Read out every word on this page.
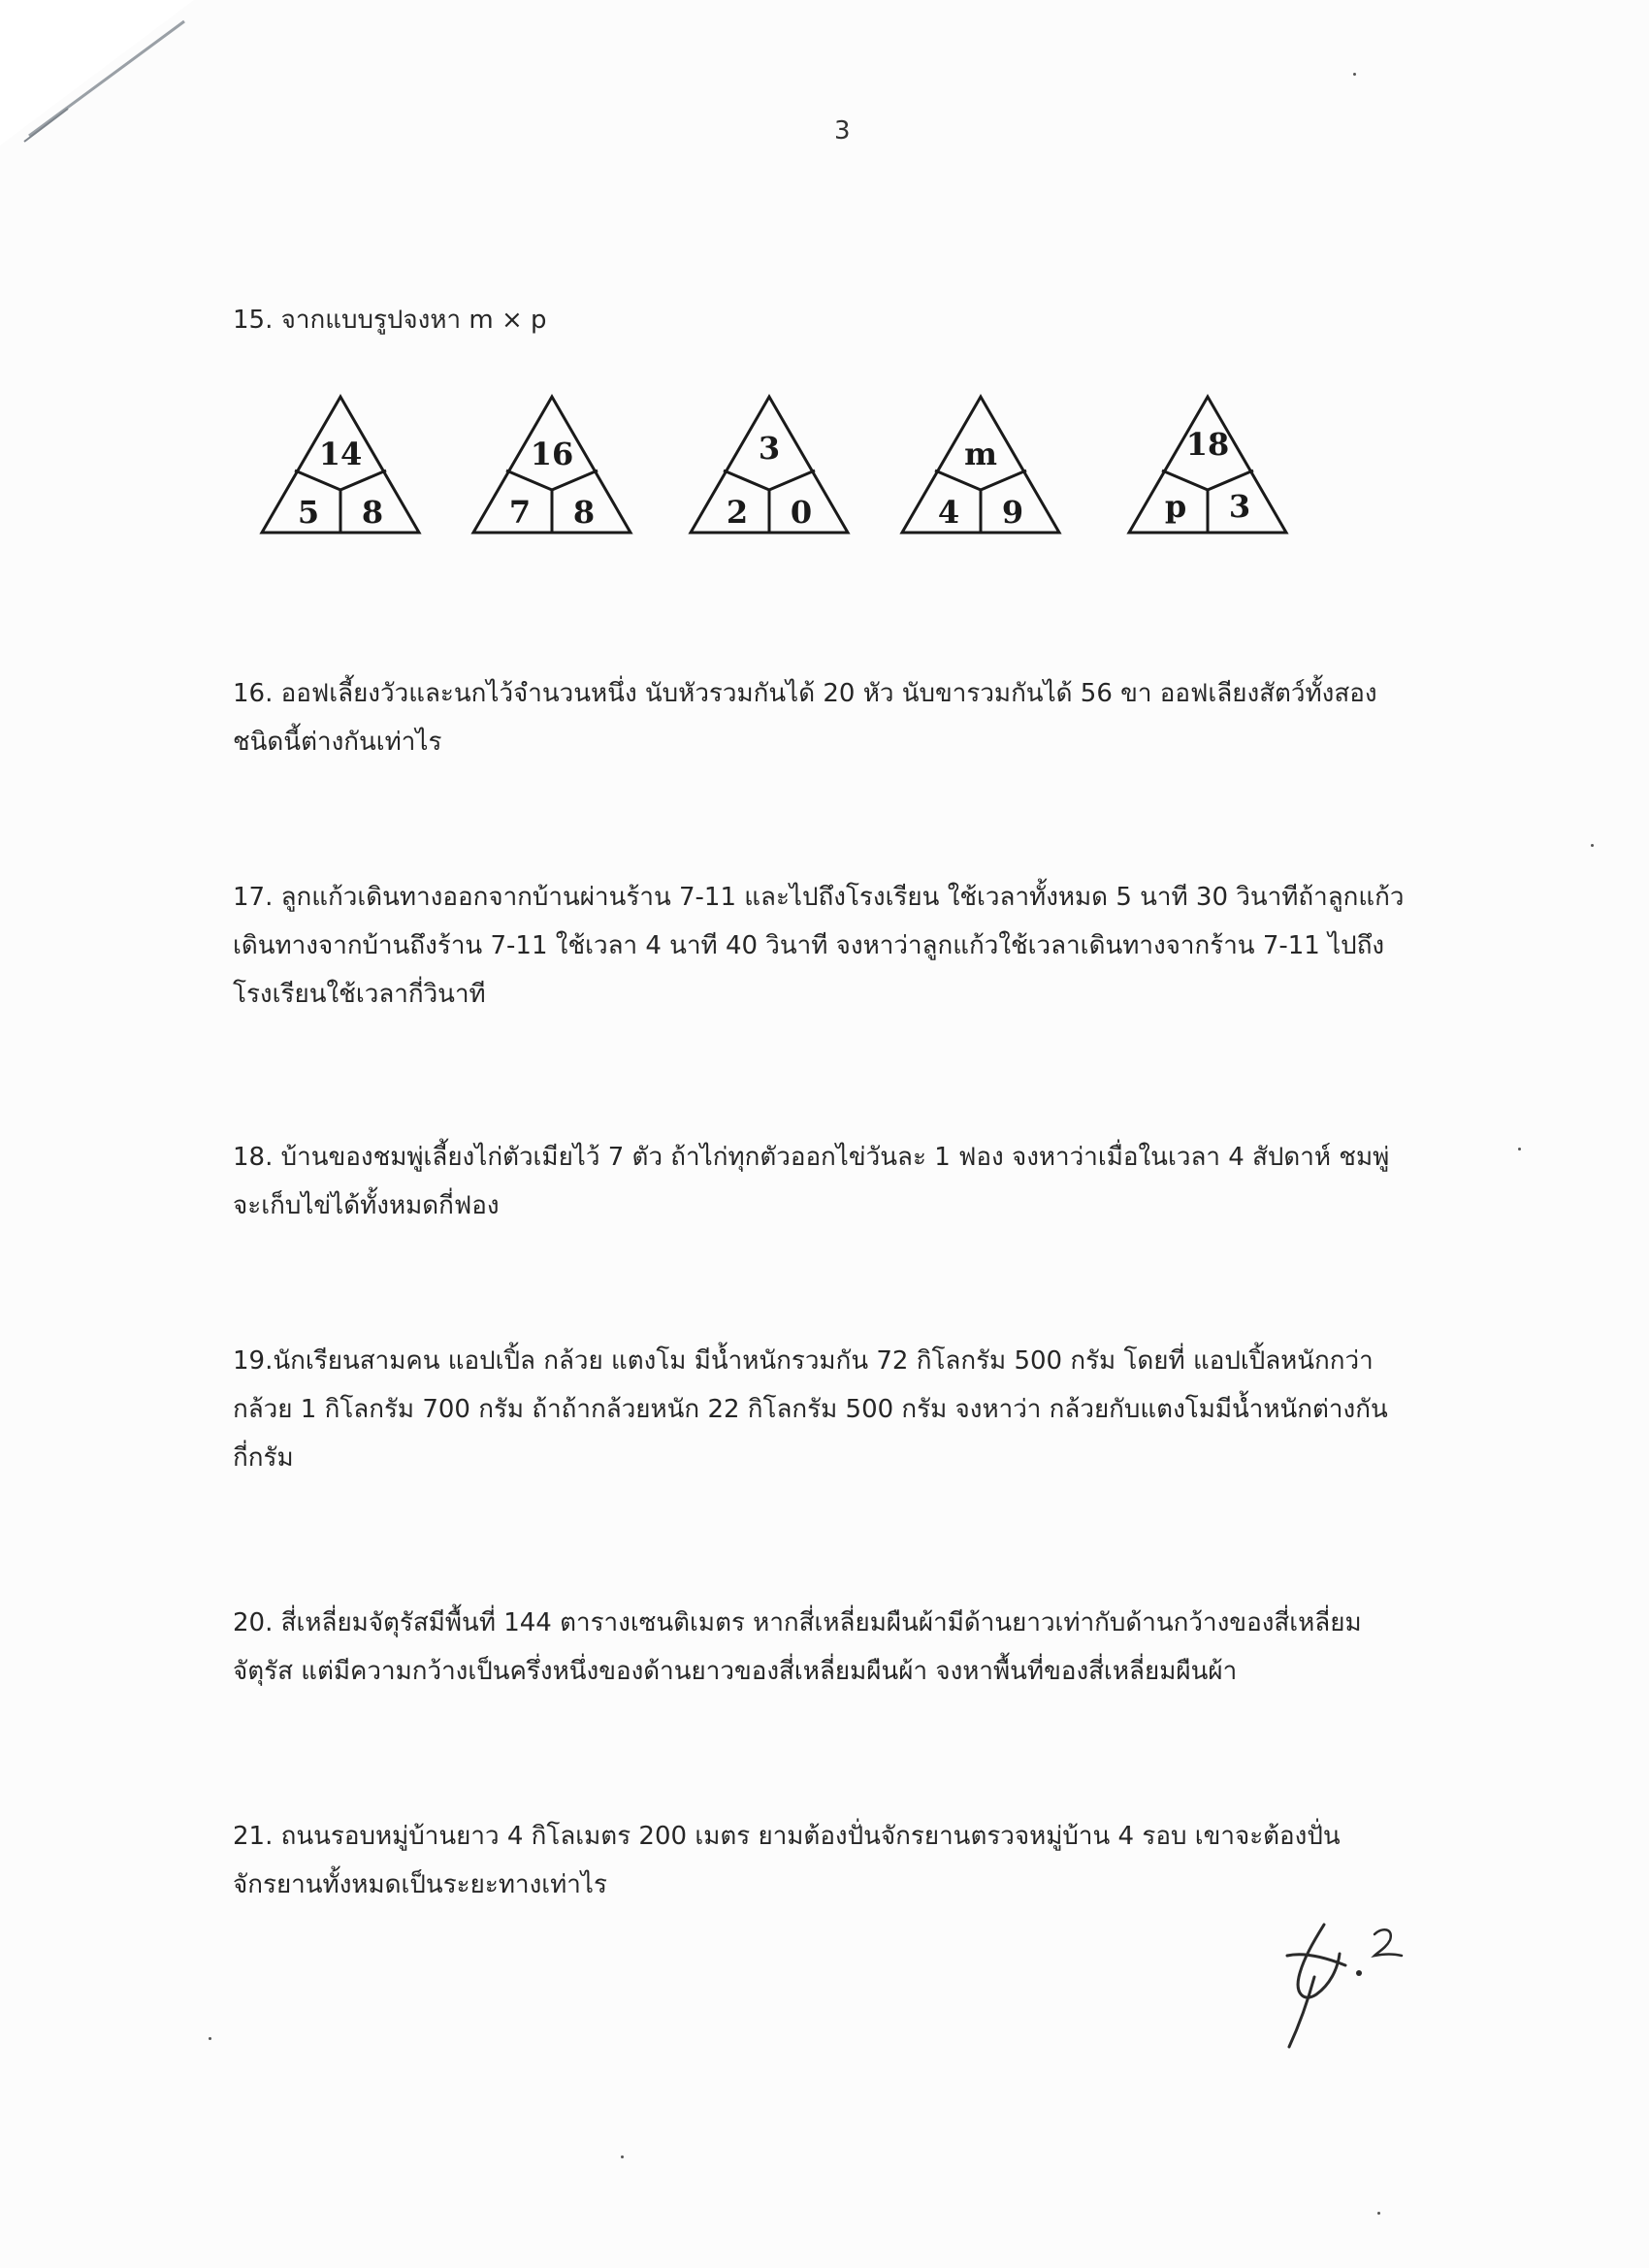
3

15. จากแบบรูปจงหา m × p

14
5 8
16
7 8
3
2 0
m
4 9
18
p 3

16. ออฟเลี้ยงวัวและนกไว้จำนวนหนึ่ง นับหัวรวมกันได้ 20 หัว นับขารวมกันได้ 56 ขา ออฟเลียงสัตว์ทั้งสอง

ชนิดนี้ต่างกันเท่าไร

17. ลูกแก้วเดินทางออกจากบ้านผ่านร้าน 7-11 และไปถึงโรงเรียน ใช้เวลาทั้งหมด 5 นาที 30 วินาทีถ้าลูกแก้ว

เดินทางจากบ้านถึงร้าน 7-11 ใช้เวลา 4 นาที 40 วินาที จงหาว่าลูกแก้วใช้เวลาเดินทางจากร้าน 7-11 ไปถึง

โรงเรียนใช้เวลากี่วินาที

18. บ้านของชมพู่เลี้ยงไก่ตัวเมียไว้ 7 ตัว ถ้าไก่ทุกตัวออกไข่วันละ 1 ฟอง จงหาว่าเมื่อในเวลา 4 สัปดาห์ ชมพู่

จะเก็บไข่ได้ทั้งหมดกี่ฟอง

19.นักเรียนสามคน แอปเปิ้ล กล้วย แตงโม มีน้ำหนักรวมกัน 72 กิโลกรัม 500 กรัม โดยที่ แอปเปิ้ลหนักกว่า

กล้วย 1 กิโลกรัม 700 กรัม ถ้าถ้ากล้วยหนัก 22 กิโลกรัม 500 กรัม จงหาว่า กล้วยกับแตงโมมีน้ำหนักต่างกัน

กี่กรัม

20. สี่เหลี่ยมจัตุรัสมีพื้นที่ 144 ตารางเซนติเมตร หากสี่เหลี่ยมผืนผ้ามีด้านยาวเท่ากับด้านกว้างของสี่เหลี่ยม

จัตุรัส แต่มีความกว้างเป็นครึ่งหนึ่งของด้านยาวของสี่เหลี่ยมผืนผ้า จงหาพื้นที่ของสี่เหลี่ยมผืนผ้า

21. ถนนรอบหมู่บ้านยาว 4 กิโลเมตร 200 เมตร ยามต้องปั่นจักรยานตรวจหมู่บ้าน 4 รอบ เขาจะต้องปั่น

จักรยานทั้งหมดเป็นระยะทางเท่าไร
